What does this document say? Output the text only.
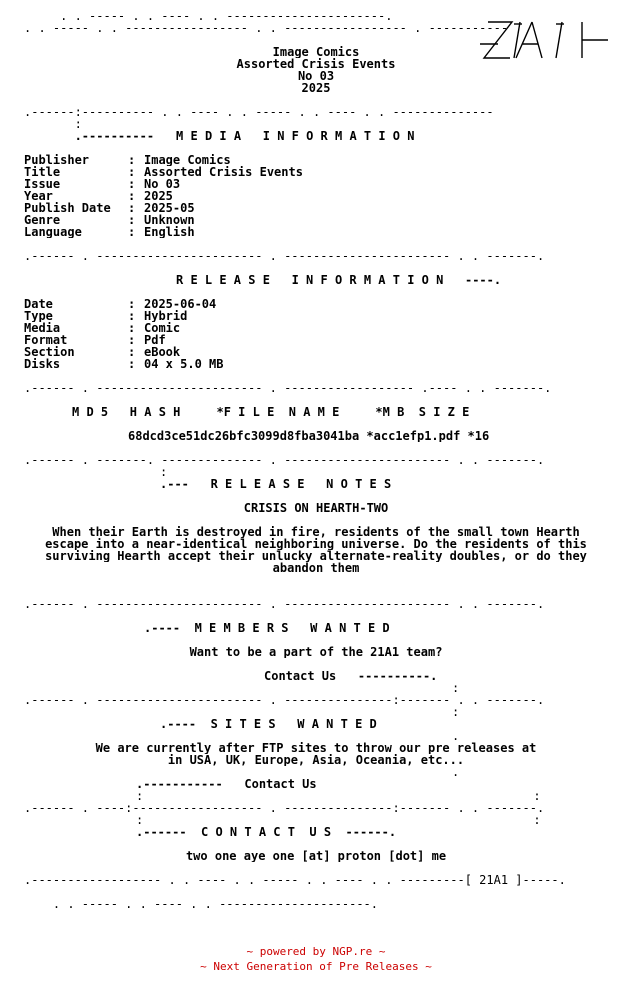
. . ----- . . ---- . . ----------------------.
. . ----- . . ----------------- . . ----------------- . -----------
Image Comics
Assorted Crisis Events
No 03
2025
.------:---------- . . ---- . . ----- . . ---- . . --------------
:
.---------- M E D I A   I N F O R M A T I O N
Publisher	: Image Comics
Title	: Assorted Crisis Events
Issue	: No 03
Year	: 2025
Publish Date : 2025-05
Genre	: Unknown
Language	: English
.------ . ----------------------- . ----------------------- . . -------.
R E L E A S E   I N F O R M A T I O N   ----.
Date	: 2025-06-04
Type	: Hybrid
Media	: Comic
Format	: Pdf
Section	: eBook
Disks	: 04 x 5.0 MB
.------ . ----------------------- . ------------------ .---- . . -------.
M D 5   H A S H     *F I L E  N A M E     *M B  S I Z E
68dcd3ce51dc26bfc3099d8fba3041ba *acc1efp1.pdf *16
.------ . -------. -------------- . ----------------------- . . -------.
:
.---   R E L E A S E   N O T E S
CRISIS ON HEARTH-TWO
When their Earth is destroyed in fire, residents of the small town Hearth
escape into a near-identical neighboring universe. Do the residents of this
surviving Hearth accept their unlucky alternate-reality doubles, or do they
abandon them
.------ . ----------------------- . ----------------------- . . -------.
.----  M E M B E R S   W A N T E D
Want to be a part of the 21A1 team?
Contact Us   ----------.
:
.------ . ----------------------- . ---------------:------- . . -------.
:
.----  S I T E S   W A N T E D
.
We are currently after FTP sites to throw our pre releases at
in USA, UK, Europe, Asia, Oceania, etc...
.
.-----------   Contact Us
:                                                      :
.------ . ----:------------------ . ---------------:------- . . -------.
:                                                      :
.------  C O N T A C T  U S  ------.
two one aye one [at] proton [dot] me
.------------------ . . ---- . . ----- . . ---- . . ---------[ 21A1 ]-----.
. . ----- . . ---- . . ---------------------.
~ powered by NGP.re ~
~ Next Generation of Pre Releases ~
